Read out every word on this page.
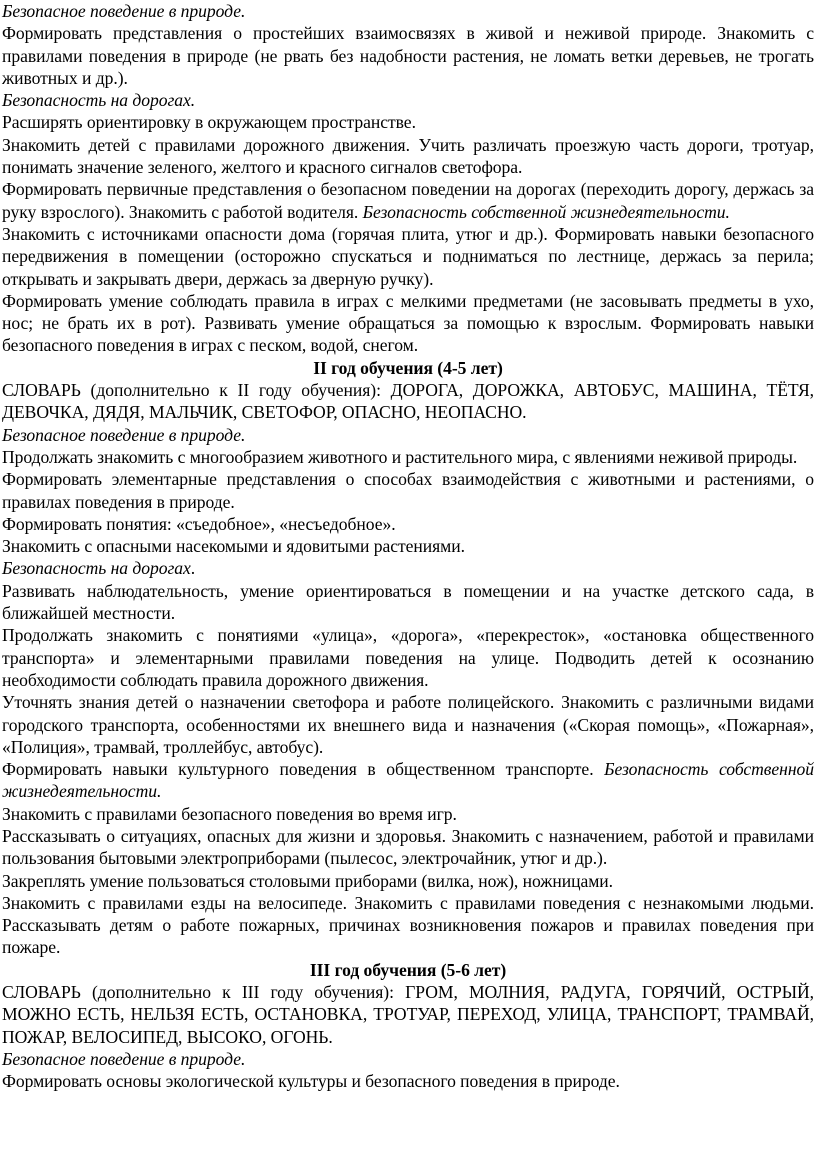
Безопасное поведение в природе.

Формировать представления о простейших взаимосвязях в живой и неживой природе. Знакомить с правилами поведения в природе (не рвать без надобности растения, не ломать ветки деревьев, не трогать животных и др.).

Безопасность на дорогах.

Расширять ориентировку в окружающем пространстве.

Знакомить детей с правилами дорожного движения. Учить различать проезжую часть дороги, тротуар, понимать значение зеленого, желтого и красного сигналов светофора.

Формировать первичные представления о безопасном поведении на дорогах (переходить дорогу, держась за руку взрослого). Знакомить с работой водителя. Безопасность собственной жизнедеятельности.

Знакомить с источниками опасности дома (горячая плита, утюг и др.). Формировать навыки безопасного передвижения в помещении (осторожно спускаться и подниматься по лестнице, держась за перила; открывать и закрывать двери, держась за дверную ручку).

Формировать умение соблюдать правила в играх с мелкими предметами (не засовывать предметы в ухо, нос; не брать их в рот). Развивать умение обращаться за помощью к взрослым. Формировать навыки безопасного поведения в играх с песком, водой, снегом.

II год обучения (4-5 лет)

СЛОВАРЬ (дополнительно к II году обучения): ДОРОГА, ДОРОЖКА, АВТОБУС, МАШИНА, ТЁТЯ, ДЕВОЧКА, ДЯДЯ, МАЛЬЧИК, СВЕТОФОР, ОПАСНО, НЕОПАСНО.

Безопасное поведение в природе.

Продолжать знакомить с многообразием животного и растительного мира, с явлениями неживой природы.

Формировать элементарные представления о способах взаимодействия с животными и растениями, о правилах поведения в природе.

Формировать понятия: «съедобное», «несъедобное».

Знакомить с опасными насекомыми и ядовитыми растениями.

Безопасность на дорогах.

Развивать наблюдательность, умение ориентироваться в помещении и на участке детского сада, в ближайшей местности.

Продолжать знакомить с понятиями «улица», «дорога», «перекресток», «остановка общественного транспорта» и элементарными правилами поведения на улице. Подводить детей к осознанию необходимости соблюдать правила дорожного движения.

Уточнять знания детей о назначении светофора и работе полицейского. Знакомить с различными видами городского транспорта, особенностями их внешнего вида и назначения («Скорая помощь», «Пожарная», «Полиция», трамвай, троллейбус, автобус).

Формировать навыки культурного поведения в общественном транспорте. Безопасность собственной жизнедеятельности.

Знакомить с правилами безопасного поведения во время игр.

Рассказывать о ситуациях, опасных для жизни и здоровья. Знакомить с назначением, работой и правилами пользования бытовыми электроприборами (пылесос, электрочайник, утюг и др.).

Закреплять умение пользоваться столовыми приборами (вилка, нож), ножницами.

Знакомить с правилами езды на велосипеде. Знакомить с правилами поведения с незнакомыми людьми. Рассказывать детям о работе пожарных, причинах возникновения пожаров и правилах поведения при пожаре.

III год обучения (5-6 лет)

СЛОВАРЬ (дополнительно к III году обучения): ГРОМ, МОЛНИЯ, РАДУГА, ГОРЯЧИЙ, ОСТРЫЙ, МОЖНО ЕСТЬ, НЕЛЬЗЯ ЕСТЬ, ОСТАНОВКА, ТРОТУАР, ПЕРЕХОД, УЛИЦА, ТРАНСПОРТ, ТРАМВАЙ, ПОЖАР, ВЕЛОСИПЕД, ВЫСОКО, ОГОНЬ.

Безопасное поведение в природе.

Формировать основы экологической культуры и безопасного поведения в природе.
